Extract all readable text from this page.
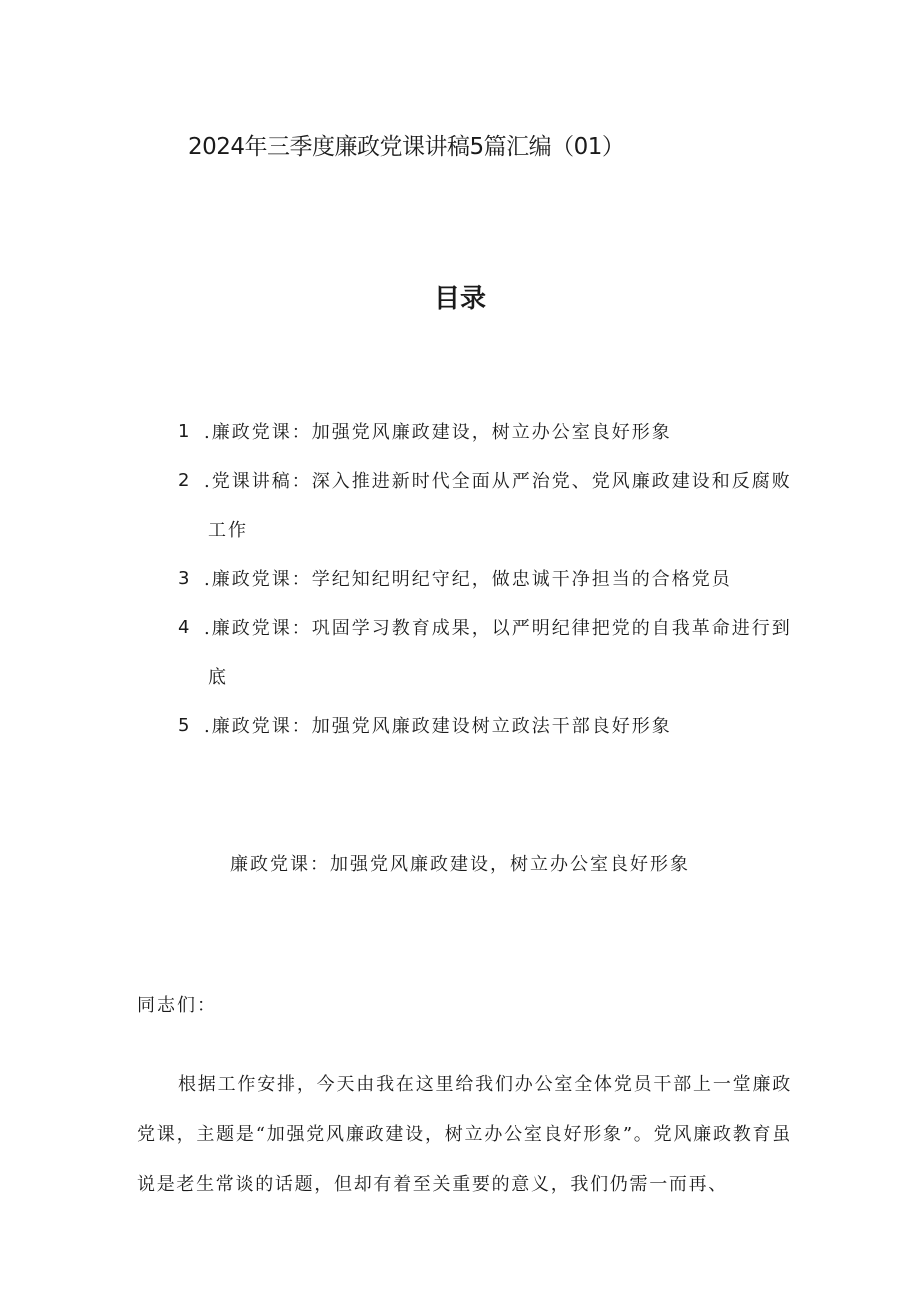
2024年三季度廉政党课讲稿5篇汇编（01）
目录
1 .廉政党课：加强党风廉政建设，树立办公室良好形象
2 .党课讲稿：深入推进新时代全面从严治党、党风廉政建设和反腐败
工作
3 .廉政党课：学纪知纪明纪守纪，做忠诚干净担当的合格党员
4 .廉政党课：巩固学习教育成果，以严明纪律把党的自我革命进行到
底
5 .廉政党课：加强党风廉政建设树立政法干部良好形象
廉政党课：加强党风廉政建设，树立办公室良好形象

同志们：

根据工作安排，今天由我在这里给我们办公室全体党员干部上一堂廉政党课，主题是“加强党风廉政建设，树立办公室良好形象”。党风廉政教育虽说是老生常谈的话题，但却有着至关重要的意义，我们仍需一而再、
